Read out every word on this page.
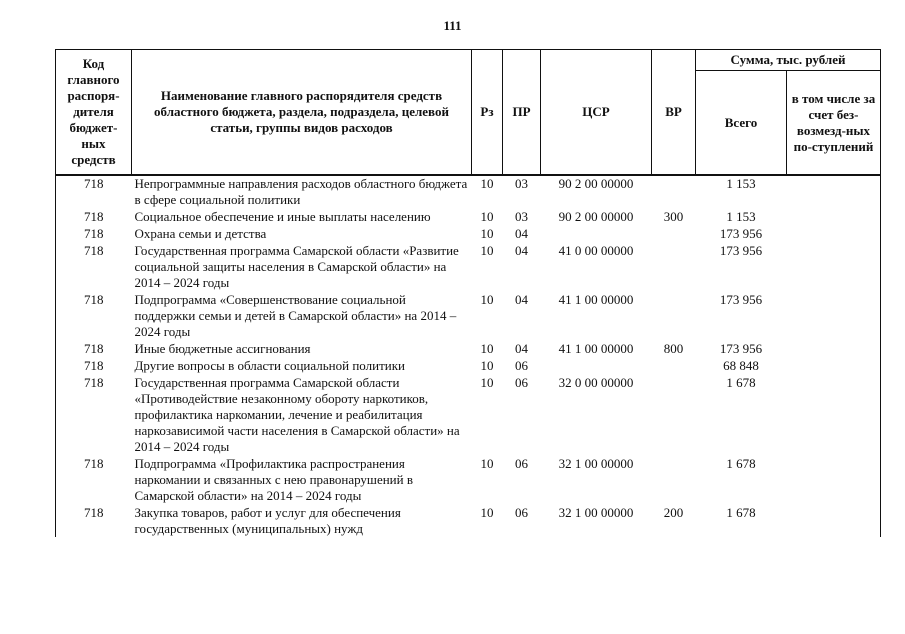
111
Код главного распоря-дителя бюджет-ных средств	Наименование главного распорядителя средств областного бюджета, раздела, подраздела, целевой статьи, группы видов расходов	Рз	ПР	ЦСР	ВР	Сумма, тыс. рублей	
						Всего	в том числе за счет без-возмезд-ных по-ступлений
718	Непрограммные направления расходов областного бюджета в сфере социальной политики	10	03	90 2 00 00000		1 153	
718	Социальное обеспечение и иные выплаты населению	10	03	90 2 00 00000	300	1 153	
718	Охрана семьи и детства	10	04			173 956	
718	Государственная программа Самарской области «Развитие социальной защиты населения в Самарской области» на 2014 – 2024 годы	10	04	41 0 00 00000		173 956	
718	Подпрограмма «Совершенствование социальной поддержки семьи и детей в Самарской области» на 2014 – 2024 годы	10	04	41 1 00 00000		173 956	
718	Иные бюджетные ассигнования	10	04	41 1 00 00000	800	173 956	
718	Другие вопросы в области социальной политики	10	06			68 848	
718	Государственная программа Самарской области «Противодействие незаконному обороту наркотиков, профилактика наркомании, лечение и реабилитация наркозависимой части населения в Самарской области» на 2014 – 2024 годы	10	06	32 0 00 00000		1 678	
718	Подпрограмма «Профилактика распространения наркомании и связанных с нею правонарушений в Самарской области» на 2014 – 2024 годы	10	06	32 1 00 00000		1 678	
718	Закупка товаров, работ и услуг для обеспечения государственных (муниципальных) нужд	10	06	32 1 00 00000	200	1 678	
